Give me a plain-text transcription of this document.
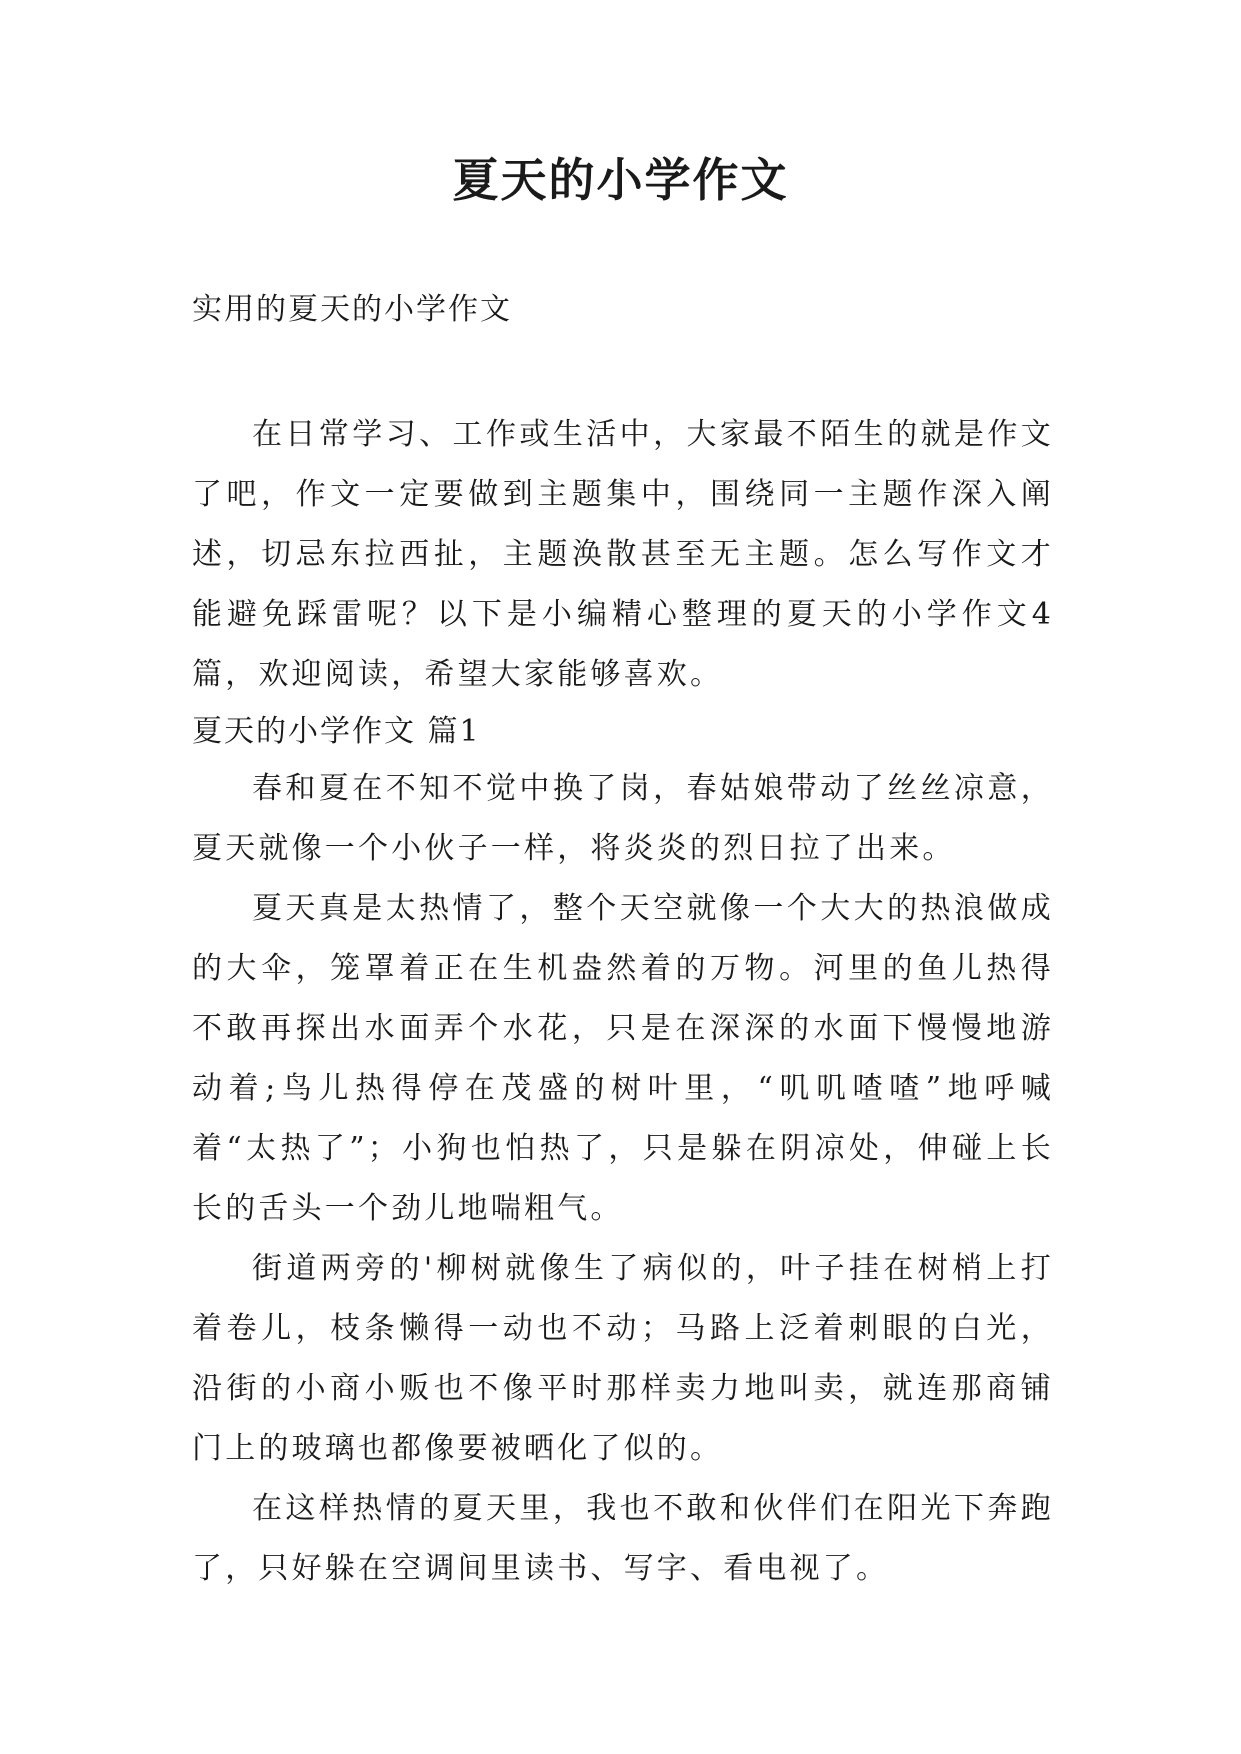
夏天的小学作文
实用的夏天的小学作文

在日常学习、工作或生活中，大家最不陌生的就是作文了吧，作文一定要做到主题集中，围绕同一主题作深入阐述，切忌东拉西扯，主题涣散甚至无主题。怎么写作文才能避免踩雷呢？以下是小编精心整理的夏天的小学作文4篇，欢迎阅读，希望大家能够喜欢。

夏天的小学作文 篇1

春和夏在不知不觉中换了岗，春姑娘带动了丝丝凉意，夏天就像一个小伙子一样，将炎炎的烈日拉了出来。

夏天真是太热情了，整个天空就像一个大大的热浪做成的大伞，笼罩着正在生机盎然着的万物。河里的鱼儿热得不敢再探出水面弄个水花，只是在深深的水面下慢慢地游动着;鸟儿热得停在茂盛的树叶里，“叽叽喳喳”地呼喊着“太热了”；小狗也怕热了，只是躲在阴凉处，伸碰上长长的舌头一个劲儿地喘粗气。

街道两旁的'柳树就像生了病似的，叶子挂在树梢上打着卷儿，枝条懒得一动也不动；马路上泛着刺眼的白光，沿街的小商小贩也不像平时那样卖力地叫卖，就连那商铺门上的玻璃也都像要被晒化了似的。

在这样热情的夏天里，我也不敢和伙伴们在阳光下奔跑了，只好躲在空调间里读书、写字、看电视了。
